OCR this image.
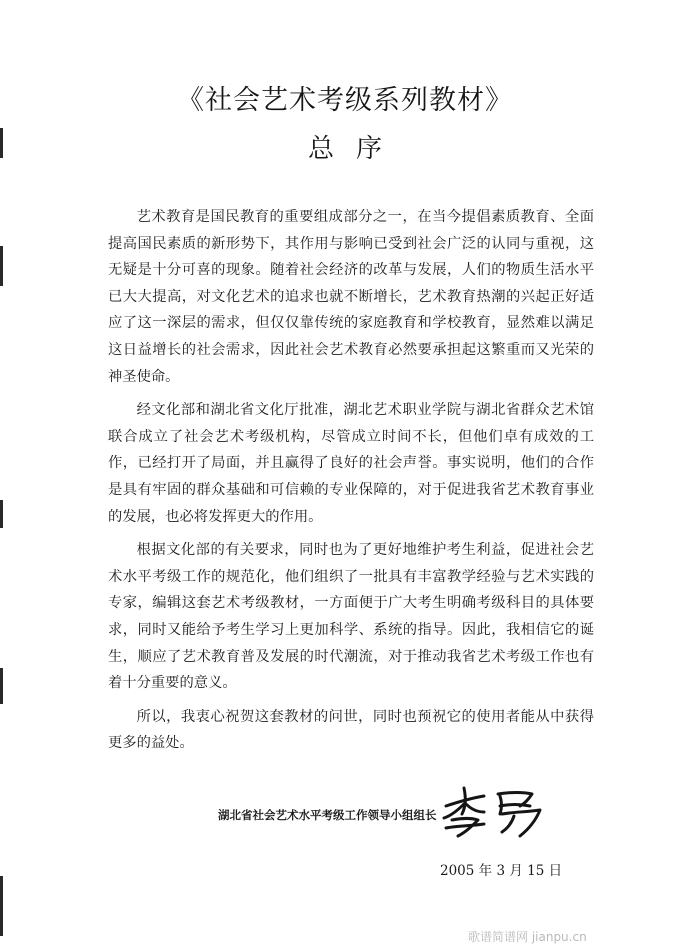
《社会艺术考级系列教材》
总序

艺术教育是国民教育的重要组成部分之一，在当今提倡素质教育、全面提高国民素质的新形势下，其作用与影响已受到社会广泛的认同与重视，这无疑是十分可喜的现象。随着社会经济的改革与发展，人们的物质生活水平已大大提高，对文化艺术的追求也就不断增长，艺术教育热潮的兴起正好适应了这一深层的需求，但仅仅靠传统的家庭教育和学校教育，显然难以满足这日益增长的社会需求，因此社会艺术教育必然要承担起这繁重而又光荣的神圣使命。

经文化部和湖北省文化厅批准，湖北艺术职业学院与湖北省群众艺术馆联合成立了社会艺术考级机构，尽管成立时间不长，但他们卓有成效的工作，已经打开了局面，并且赢得了良好的社会声誉。事实说明，他们的合作是具有牢固的群众基础和可信赖的专业保障的，对于促进我省艺术教育事业的发展，也必将发挥更大的作用。

根据文化部的有关要求，同时也为了更好地维护考生利益，促进社会艺术水平考级工作的规范化，他们组织了一批具有丰富教学经验与艺术实践的专家，编辑这套艺术考级教材，一方面便于广大考生明确考级科目的具体要求，同时又能给予考生学习上更加科学、系统的指导。因此，我相信它的诞生，顺应了艺术教育普及发展的时代潮流，对于推动我省艺术考级工作也有着十分重要的意义。

所以，我衷心祝贺这套教材的问世，同时也预祝它的使用者能从中获得更多的益处。

湖北省社会艺术水平考级工作领导小组组长
2005 年 3 月 15 日
歌谱简谱网 jianpu.cn
